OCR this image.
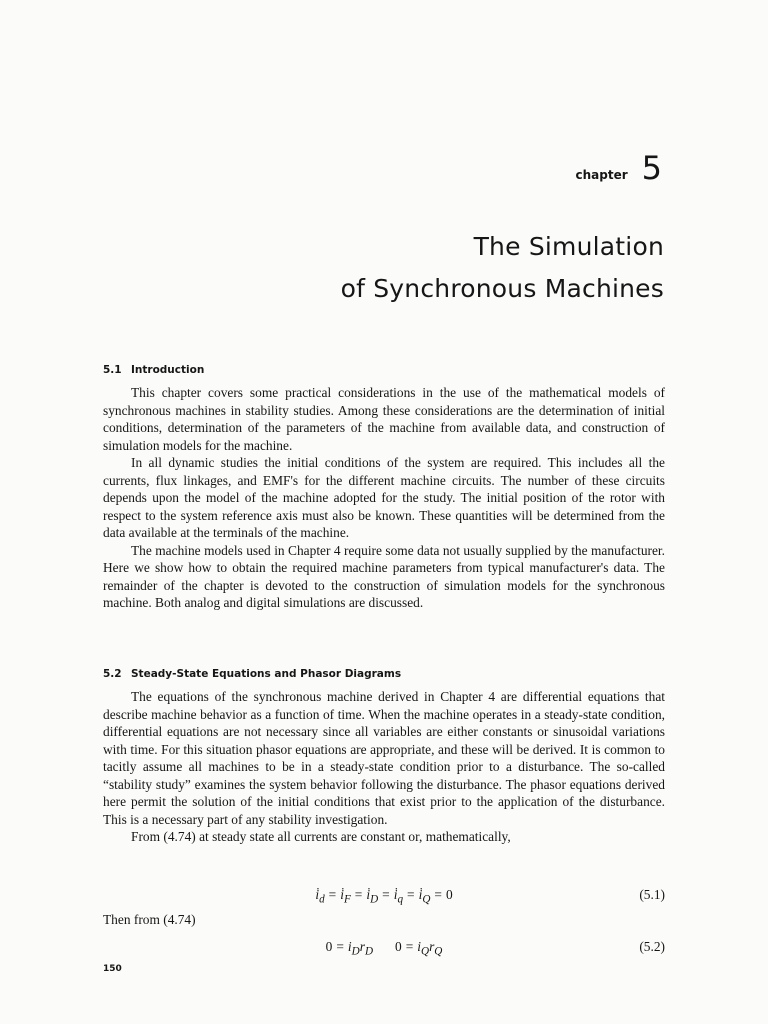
chapter 5
The Simulation
of Synchronous Machines
5.1 Introduction

This chapter covers some practical considerations in the use of the mathematical models of synchronous machines in stability studies. Among these considerations are the determination of initial conditions, determination of the parameters of the machine from available data, and construction of simulation models for the machine.

In all dynamic studies the initial conditions of the system are required. This includes all the currents, flux linkages, and EMF's for the different machine circuits. The number of these circuits depends upon the model of the machine adopted for the study. The initial position of the rotor with respect to the system reference axis must also be known. These quantities will be determined from the data available at the terminals of the machine.

The machine models used in Chapter 4 require some data not usually supplied by the manufacturer. Here we show how to obtain the required machine parameters from typical manufacturer's data. The remainder of the chapter is devoted to the construction of simulation models for the synchronous machine. Both analog and digital simulations are discussed.

5.2 Steady-State Equations and Phasor Diagrams

The equations of the synchronous machine derived in Chapter 4 are differential equations that describe machine behavior as a function of time. When the machine operates in a steady-state condition, differential equations are not necessary since all variables are either constants or sinusoidal variations with time. For this situation phasor equations are appropriate, and these will be derived. It is common to tacitly assume all machines to be in a steady-state condition prior to a disturbance. The so-called “stability study” examines the system behavior following the disturbance. The phasor equations derived here permit the solution of the initial conditions that exist prior to the application of the disturbance. This is a necessary part of any stability investigation.

From (4.74) at steady state all currents are constant or, mathematically,

$i̇_d$ = $i̇_F$ = $i̇_D$ = $i̇_q$ = $i̇_Q = 0$	(5.1)
Then from (4.74)
$0 = i_Dr_D$ $0 = i_Qr_Q$	(5.2)
150
